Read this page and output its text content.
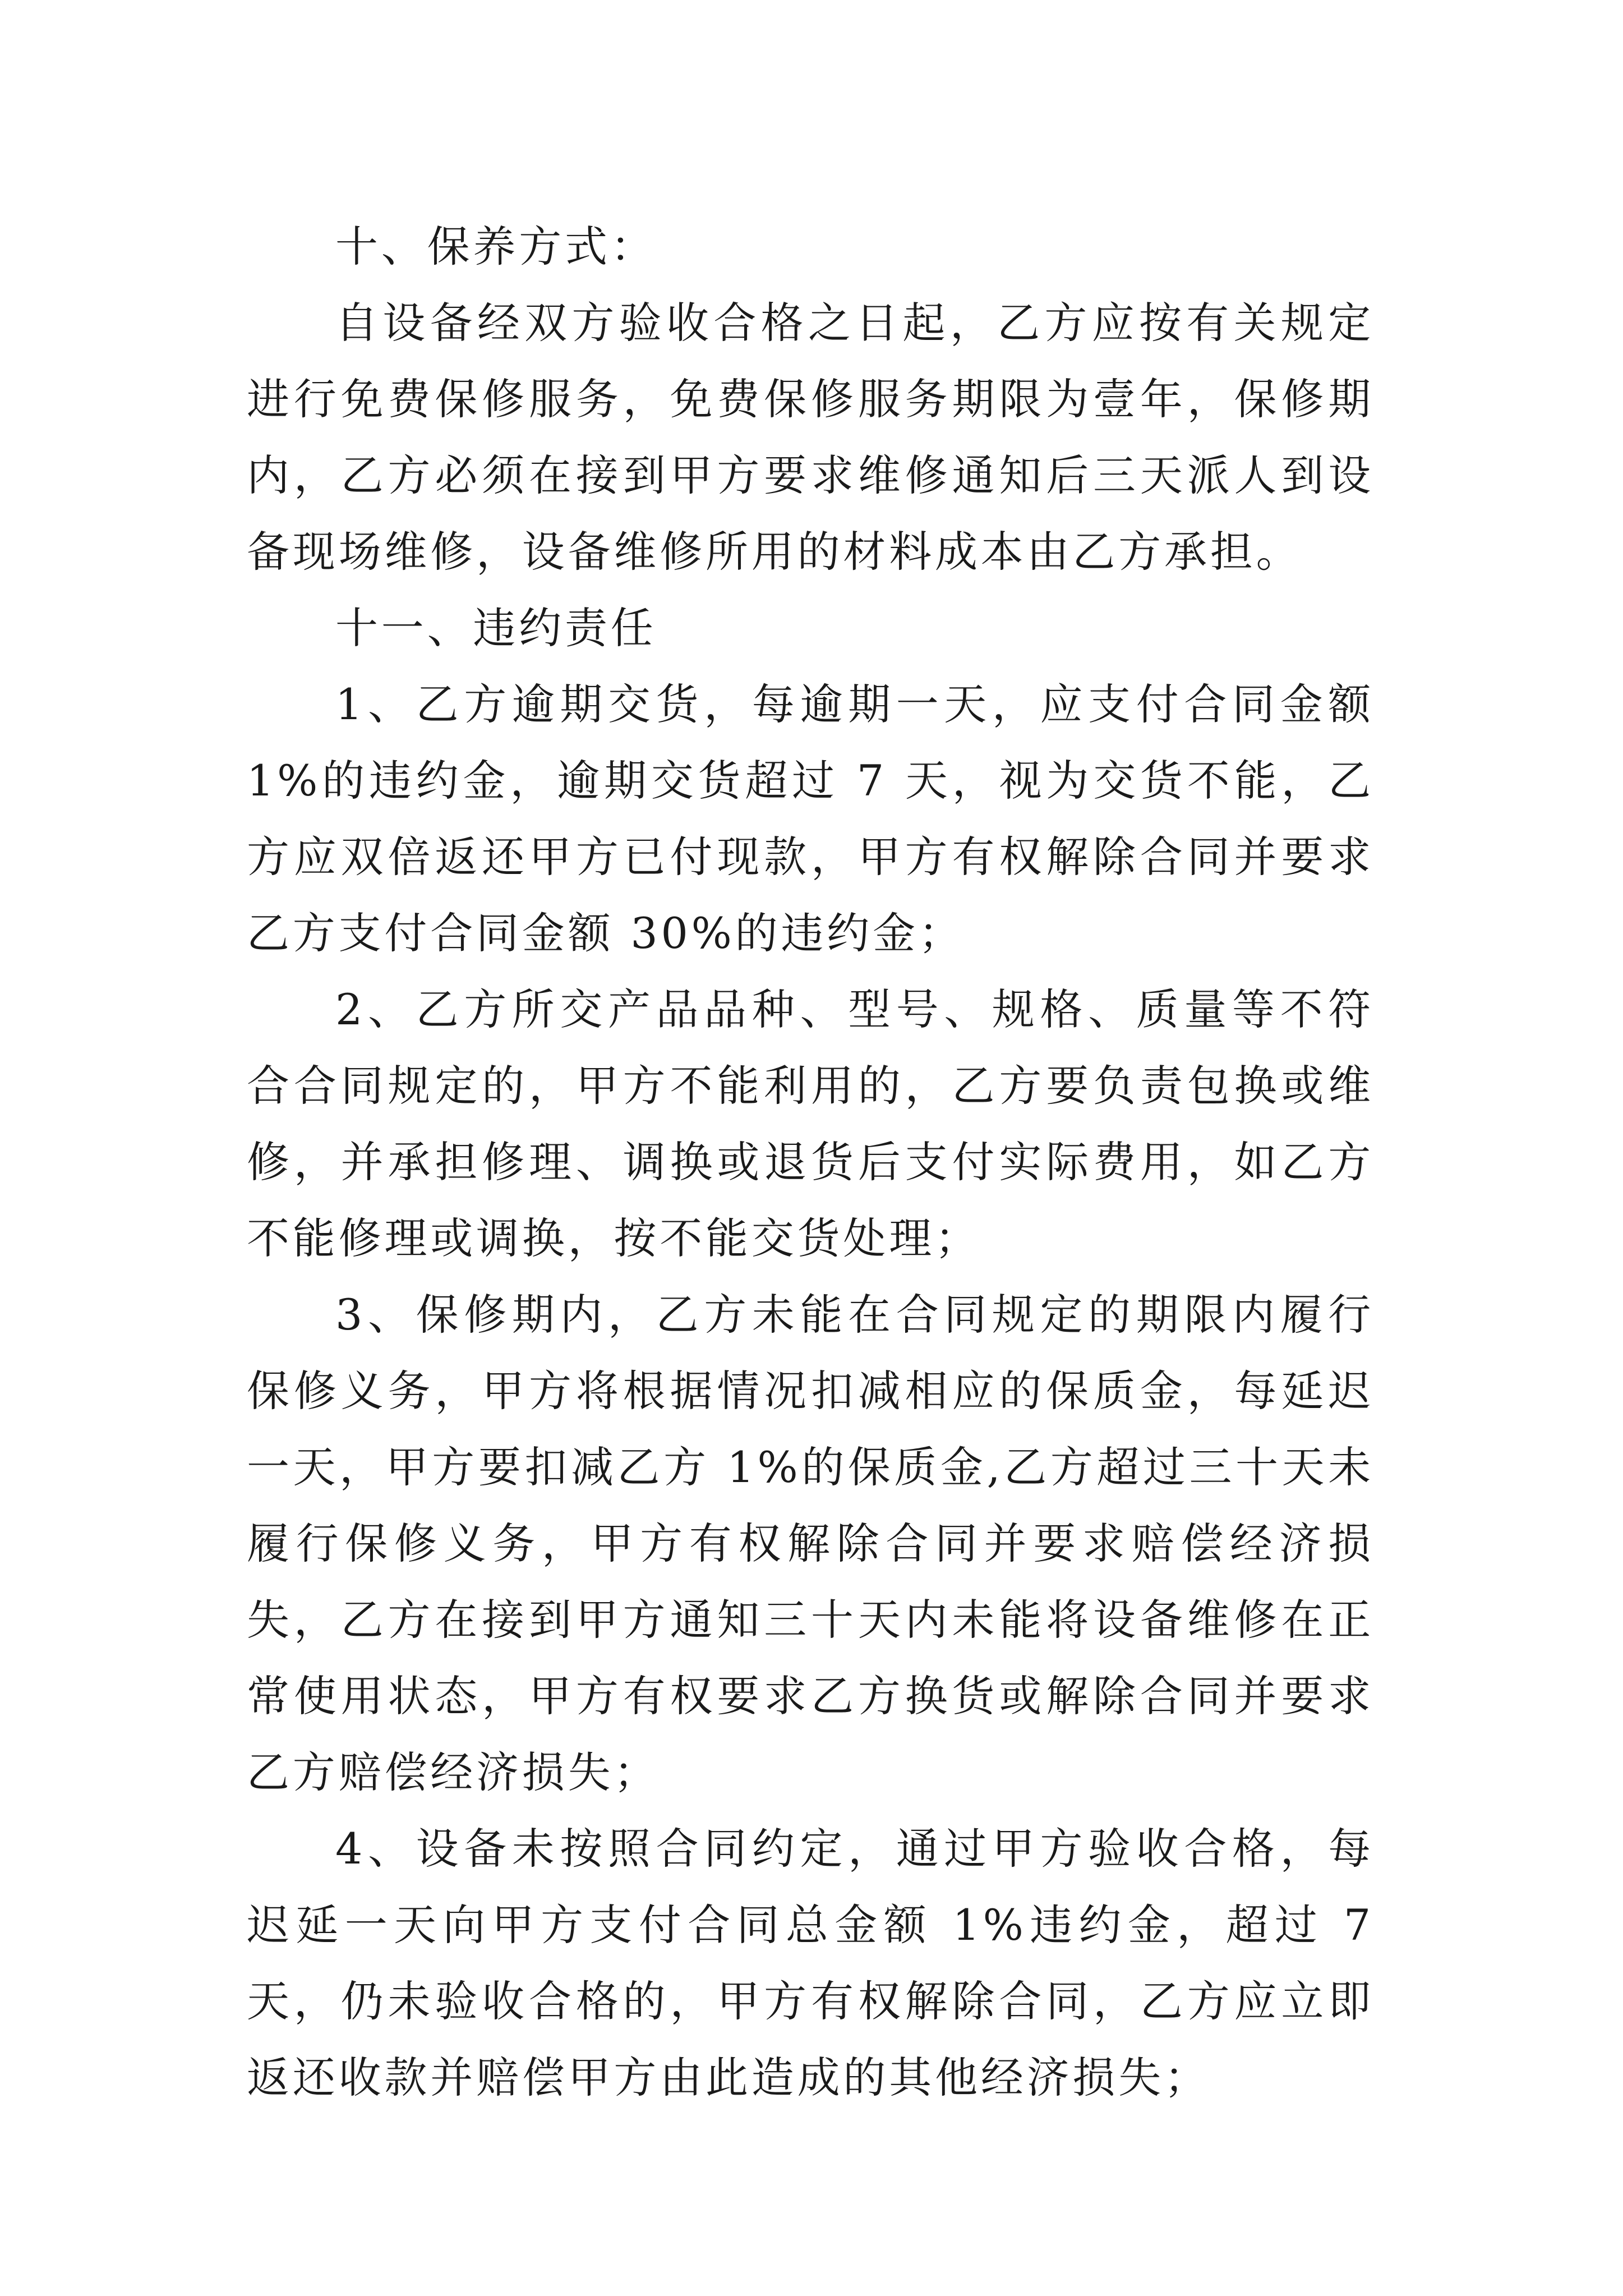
十、保养方式：

自设备经双方验收合格之日起，乙方应按有关规定进行免费保修服务，免费保修服务期限为壹年，保修期内，乙方必须在接到甲方要求维修通知后三天派人到设备现场维修，设备维修所用的材料成本由乙方承担。

十一、违约责任

1、乙方逾期交货，每逾期一天，应支付合同金额 1%的违约金，逾期交货超过 7 天，视为交货不能，乙方应双倍返还甲方已付现款，甲方有权解除合同并要求乙方支付合同金额 30%的违约金；

2、乙方所交产品品种、型号、规格、质量等不符合合同规定的，甲方不能利用的，乙方要负责包换或维修，并承担修理、调换或退货后支付实际费用，如乙方不能修理或调换，按不能交货处理；

3、保修期内，乙方未能在合同规定的期限内履行保修义务，甲方将根据情况扣减相应的保质金，每延迟一天，甲方要扣减乙方 1%的保质金,乙方超过三十天未履行保修义务，甲方有权解除合同并要求赔偿经济损失，乙方在接到甲方通知三十天内未能将设备维修在正常使用状态，甲方有权要求乙方换货或解除合同并要求乙方赔偿经济损失；

4、设备未按照合同约定，通过甲方验收合格，每迟延一天向甲方支付合同总金额 1%违约金，超过 7 天，仍未验收合格的，甲方有权解除合同，乙方应立即返还收款并赔偿甲方由此造成的其他经济损失；
